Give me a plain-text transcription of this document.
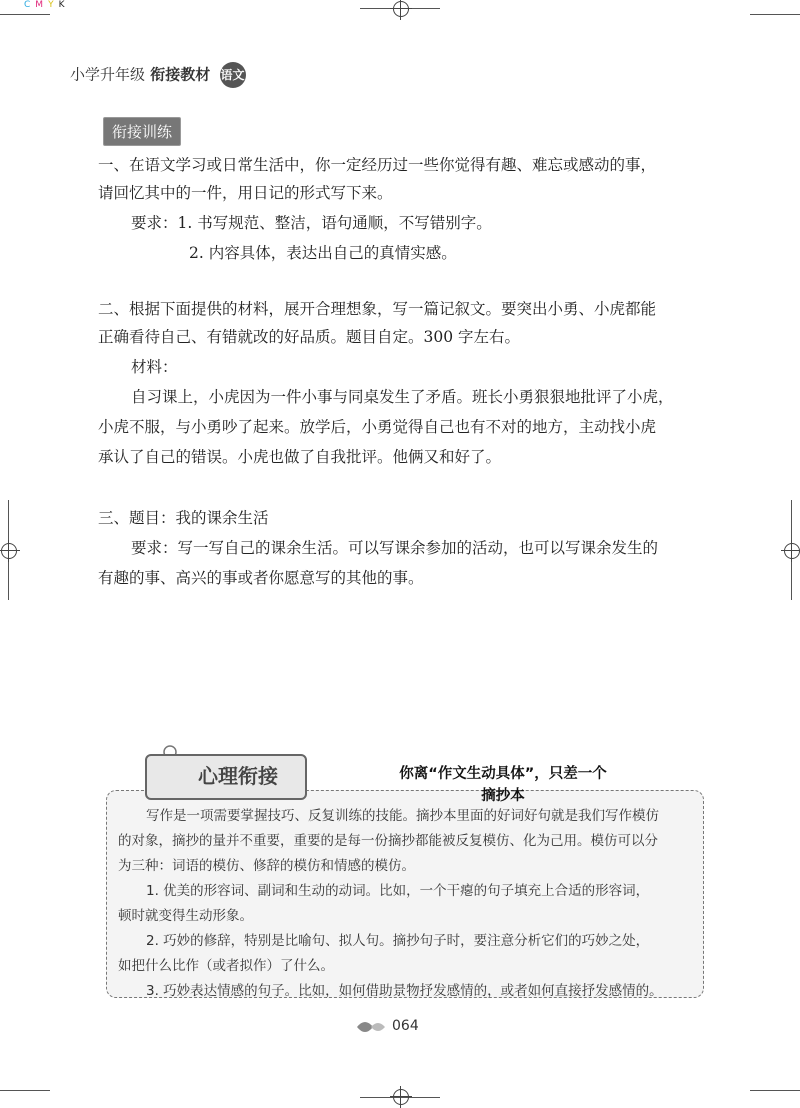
C M Y K
小学升年级 衔接教材 语文
衔接训练
一、在语文学习或日常生活中，你一定经历过一些你觉得有趣、难忘或感动的事，
请回忆其中的一件，用日记的形式写下来。
要求：1. 书写规范、整洁，语句通顺，不写错别字。
2. 内容具体，表达出自己的真情实感。
二、根据下面提供的材料，展开合理想象，写一篇记叙文。要突出小勇、小虎都能
正确看待自己、有错就改的好品质。题目自定。300 字左右。
材料：
自习课上，小虎因为一件小事与同桌发生了矛盾。班长小勇狠狠地批评了小虎，
小虎不服，与小勇吵了起来。放学后，小勇觉得自己也有不对的地方，主动找小虎
承认了自己的错误。小虎也做了自我批评。他俩又和好了。
三、题目：我的课余生活
要求：写一写自己的课余生活。可以写课余参加的活动，也可以写课余发生的
有趣的事、高兴的事或者你愿意写的其他的事。
心理衔接	你离“作文生动具体”，只差一个
摘抄本
写作是一项需要掌握技巧、反复训练的技能。摘抄本里面的好词好句就是我们写作模仿
的对象，摘抄的量并不重要，重要的是每一份摘抄都能被反复模仿、化为己用。模仿可以分
为三种：词语的模仿、修辞的模仿和情感的模仿。
1. 优美的形容词、副词和生动的动词。比如，一个干瘪的句子填充上合适的形容词，
顿时就变得生动形象。
2. 巧妙的修辞，特别是比喻句、拟人句。摘抄句子时，要注意分析它们的巧妙之处，
如把什么比作（或者拟作）了什么。
3. 巧妙表达情感的句子。比如，如何借助景物抒发感情的，或者如何直接抒发感情的。
064
